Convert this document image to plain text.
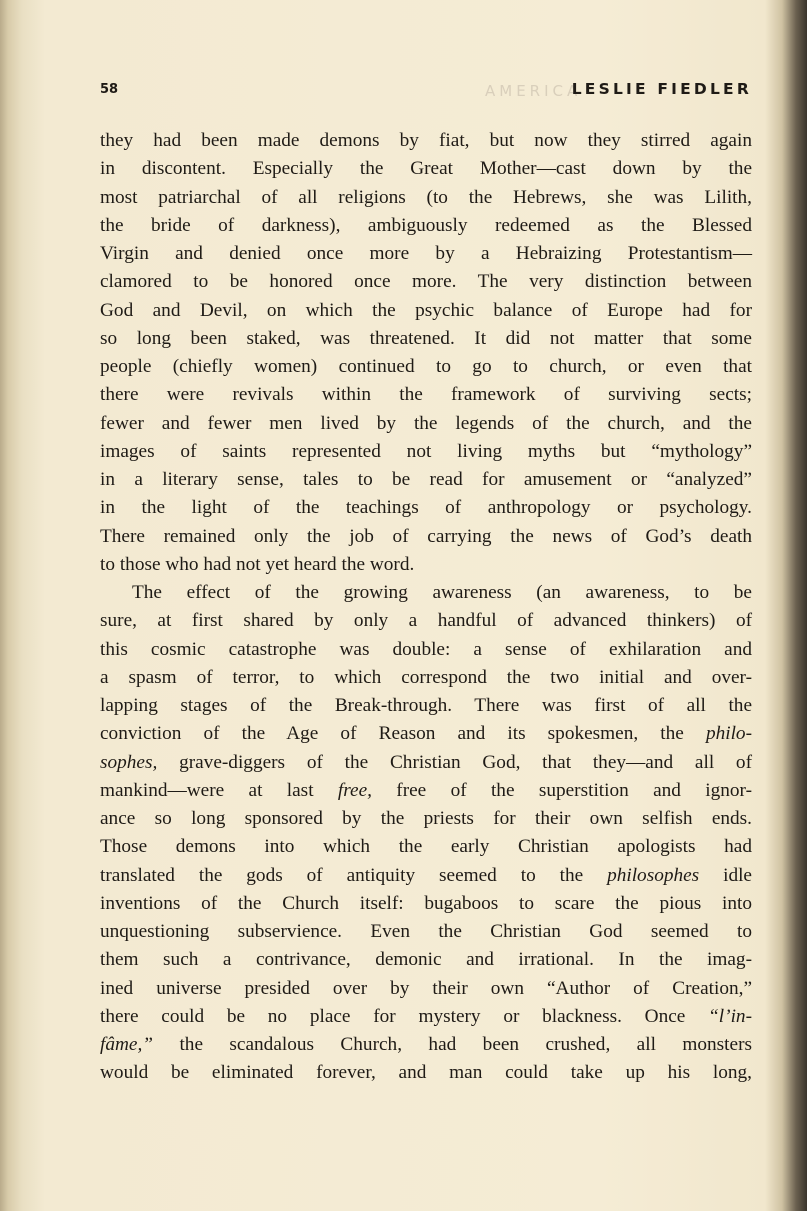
58	AMERICA
LESLIE FIEDLER
they had been made demons by fiat, but now they stirred again
in discontent. Especially the Great Mother—cast down by the
most patriarchal of all religions (to the Hebrews, she was Lilith,
the bride of darkness), ambiguously redeemed as the Blessed
Virgin and denied once more by a Hebraizing Protestantism—
clamored to be honored once more. The very distinction between
God and Devil, on which the psychic balance of Europe had for
so long been staked, was threatened. It did not matter that some
people (chiefly women) continued to go to church, or even that
there were revivals within the framework of surviving sects;
fewer and fewer men lived by the legends of the church, and the
images of saints represented not living myths but “mythology”
in a literary sense, tales to be read for amusement or “analyzed”
in the light of the teachings of anthropology or psychology.
There remained only the job of carrying the news of God’s death
to those who had not yet heard the word.
The effect of the growing awareness (an awareness, to be
sure, at first shared by only a handful of advanced thinkers) of
this cosmic catastrophe was double: a sense of exhilaration and
a spasm of terror, to which correspond the two initial and over-
lapping stages of the Break-through. There was first of all the
conviction of the Age of Reason and its spokesmen, the philo-
sophes, grave-diggers of the Christian God, that they—and all of
mankind—were at last free, free of the superstition and ignor-
ance so long sponsored by the priests for their own selfish ends.
Those demons into which the early Christian apologists had
translated the gods of antiquity seemed to the philosophes idle
inventions of the Church itself: bugaboos to scare the pious into
unquestioning subservience. Even the Christian God seemed to
them such a contrivance, demonic and irrational. In the imag-
ined universe presided over by their own “Author of Creation,”
there could be no place for mystery or blackness. Once “l’in-
fâme,” the scandalous Church, had been crushed, all monsters
would be eliminated forever, and man could take up his long,
